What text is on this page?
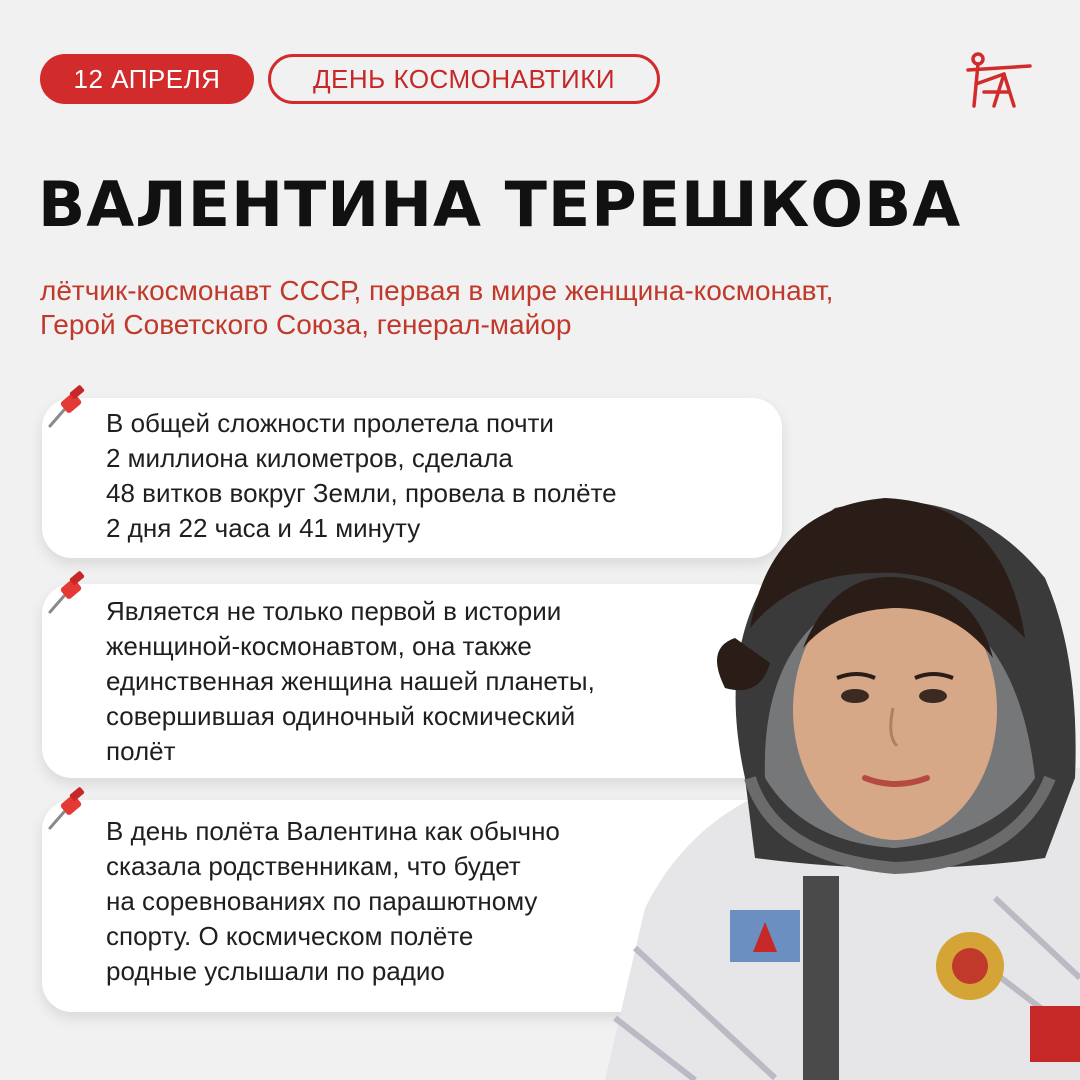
12 АПРЕЛЯ	ДЕНЬ КОСМОНАВТИКИ
ВАЛЕНТИНА ТЕРЕШКОВА
лётчик-космонавт СССР, первая в мире женщина-космонавт,
Герой Советского Союза, генерал-майор
В общей сложности пролетела почти
2 миллиона километров, сделала
48 витков вокруг Земли, провела в полёте
2 дня 22 часа и 41 минуту
Является не только первой в истории
женщиной-космонавтом, она также
единственная женщина нашей планеты,
совершившая одиночный космический
полёт
В день полёта Валентина как обычно
сказала родственникам, что будет
на соревнованиях по парашютному
спорту. О космическом полёте
родные услышали по радио
